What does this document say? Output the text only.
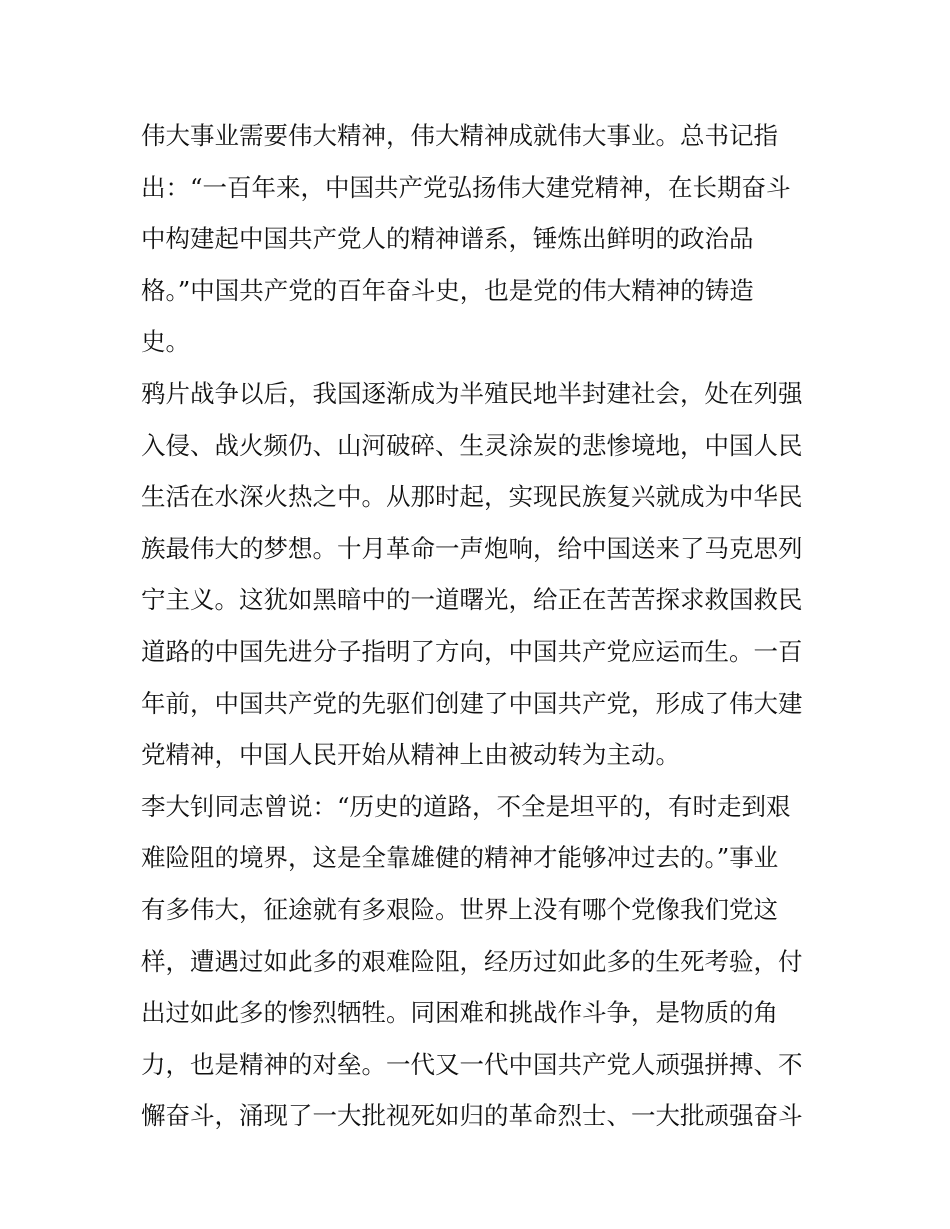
伟大事业需要伟大精神，伟大精神成就伟大事业。总书记指
出：“一百年来，中国共产党弘扬伟大建党精神，在长期奋斗
中构建起中国共产党人的精神谱系，锤炼出鲜明的政治品
格。”中国共产党的百年奋斗史，也是党的伟大精神的铸造
史。
鸦片战争以后，我国逐渐成为半殖民地半封建社会，处在列强
入侵、战火频仍、山河破碎、生灵涂炭的悲惨境地，中国人民
生活在水深火热之中。从那时起，实现民族复兴就成为中华民
族最伟大的梦想。十月革命一声炮响，给中国送来了马克思列
宁主义。这犹如黑暗中的一道曙光，给正在苦苦探求救国救民
道路的中国先进分子指明了方向，中国共产党应运而生。一百
年前，中国共产党的先驱们创建了中国共产党，形成了伟大建
党精神，中国人民开始从精神上由被动转为主动。
李大钊同志曾说：“历史的道路，不全是坦平的，有时走到艰
难险阻的境界，这是全靠雄健的精神才能够冲过去的。”事业
有多伟大，征途就有多艰险。世界上没有哪个党像我们党这
样，遭遇过如此多的艰难险阻，经历过如此多的生死考验，付
出过如此多的惨烈牺牲。同困难和挑战作斗争，是物质的角
力，也是精神的对垒。一代又一代中国共产党人顽强拼搏、不
懈奋斗，涌现了一大批视死如归的革命烈士、一大批顽强奋斗
